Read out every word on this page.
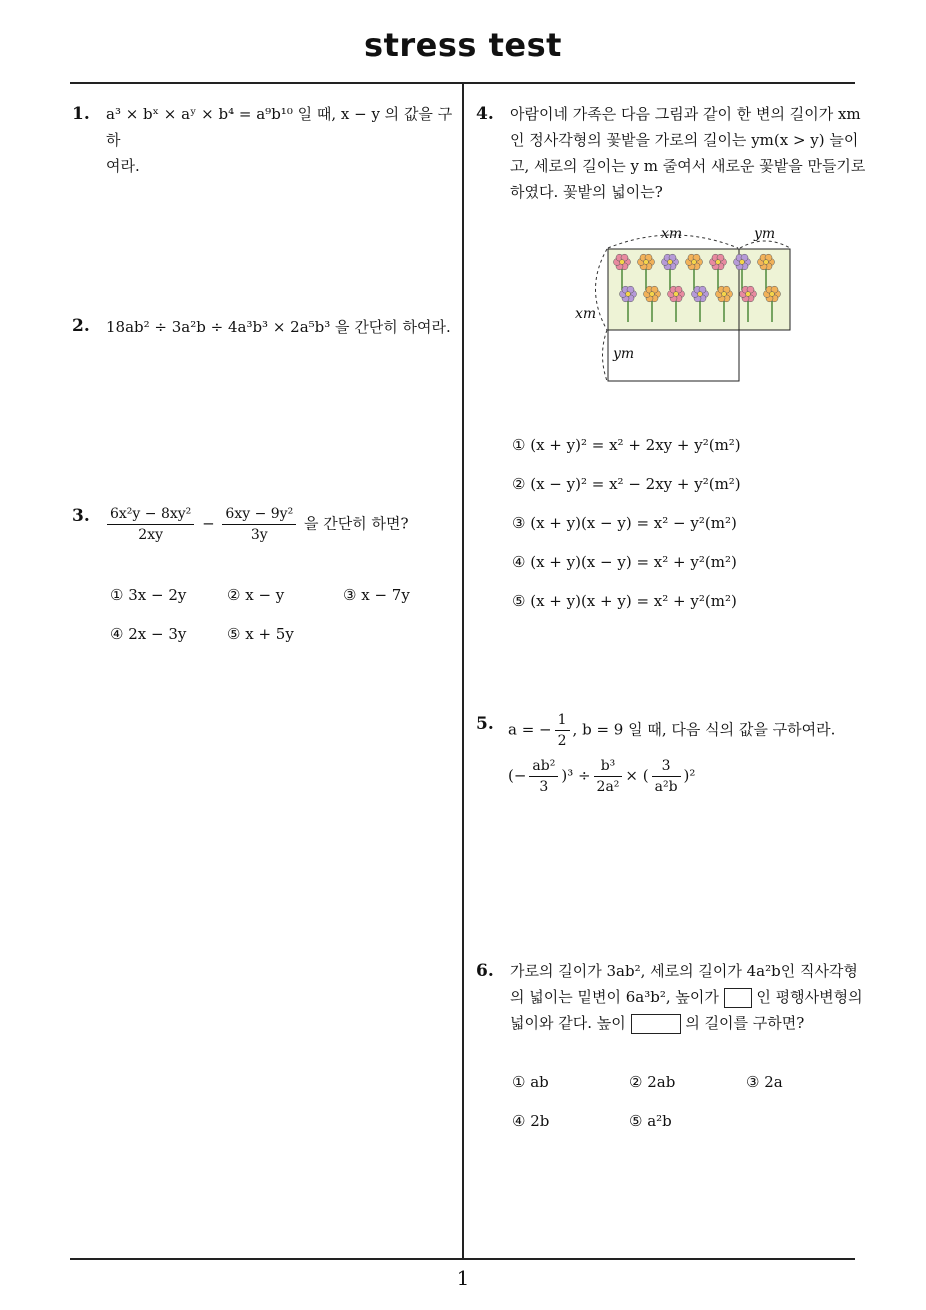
stress test
1
1. a³ × bˣ × aʸ × b⁴ = a⁹b¹⁰ 일 때, x − y 의 값을 구하
여라.
2. 18ab² ÷ 3a²b ÷ 4a³b³ × 2a⁵b³ 을 간단히 하여라.
3. $\frac{\text{6x²y − 8xy²}}{2xy} - \frac{\text{6xy − 9y²}}{3y}$ 을 간단히 하면?
① 3x − 2y	② x − y	③ x − 7y
④ 2x − 3y	⑤ x + 5y
4. 아람이네 가족은 다음 그림과 같이 한 변의 길이가 xm
인 정사각형의 꽃밭을 가로의 길이는 ym(x > y) 늘이
고, 세로의 길이는 y m 줄여서 새로운 꽃밭을 만들기로
하였다. 꽃밭의 넓이는?
xm	ym
xm
ym
① (x + y)² = x² + 2xy + y²(m²)
② (x − y)² = x² − 2xy + y²(m²)
③ (x + y)(x − y) = x² − y²(m²)
④ (x + y)(x − y) = x² + y²(m²)
⑤ (x + y)(x + y) = x² + y²(m²)
5. a = − $\frac{1}{2}$ , b = 9 일 때, 다음 식의 값을 구하여라.
(− $\frac{\text{ab²}}{3} )^3 \div \frac{\text{b³}}{\text{2a²}}$ × ( $\frac{3}{\text{a²b}} )^2$
6. 가로의 길이가 3ab², 세로의 길이가 4a²b인 직사각형
의 넓이는 밑변이 6a³b², 높이가	인 평행사변형의
넓이와 같다. 높이	의 길이를 구하면?
① ab	② 2ab	③ 2a
④ 2b	⑤ a²b
